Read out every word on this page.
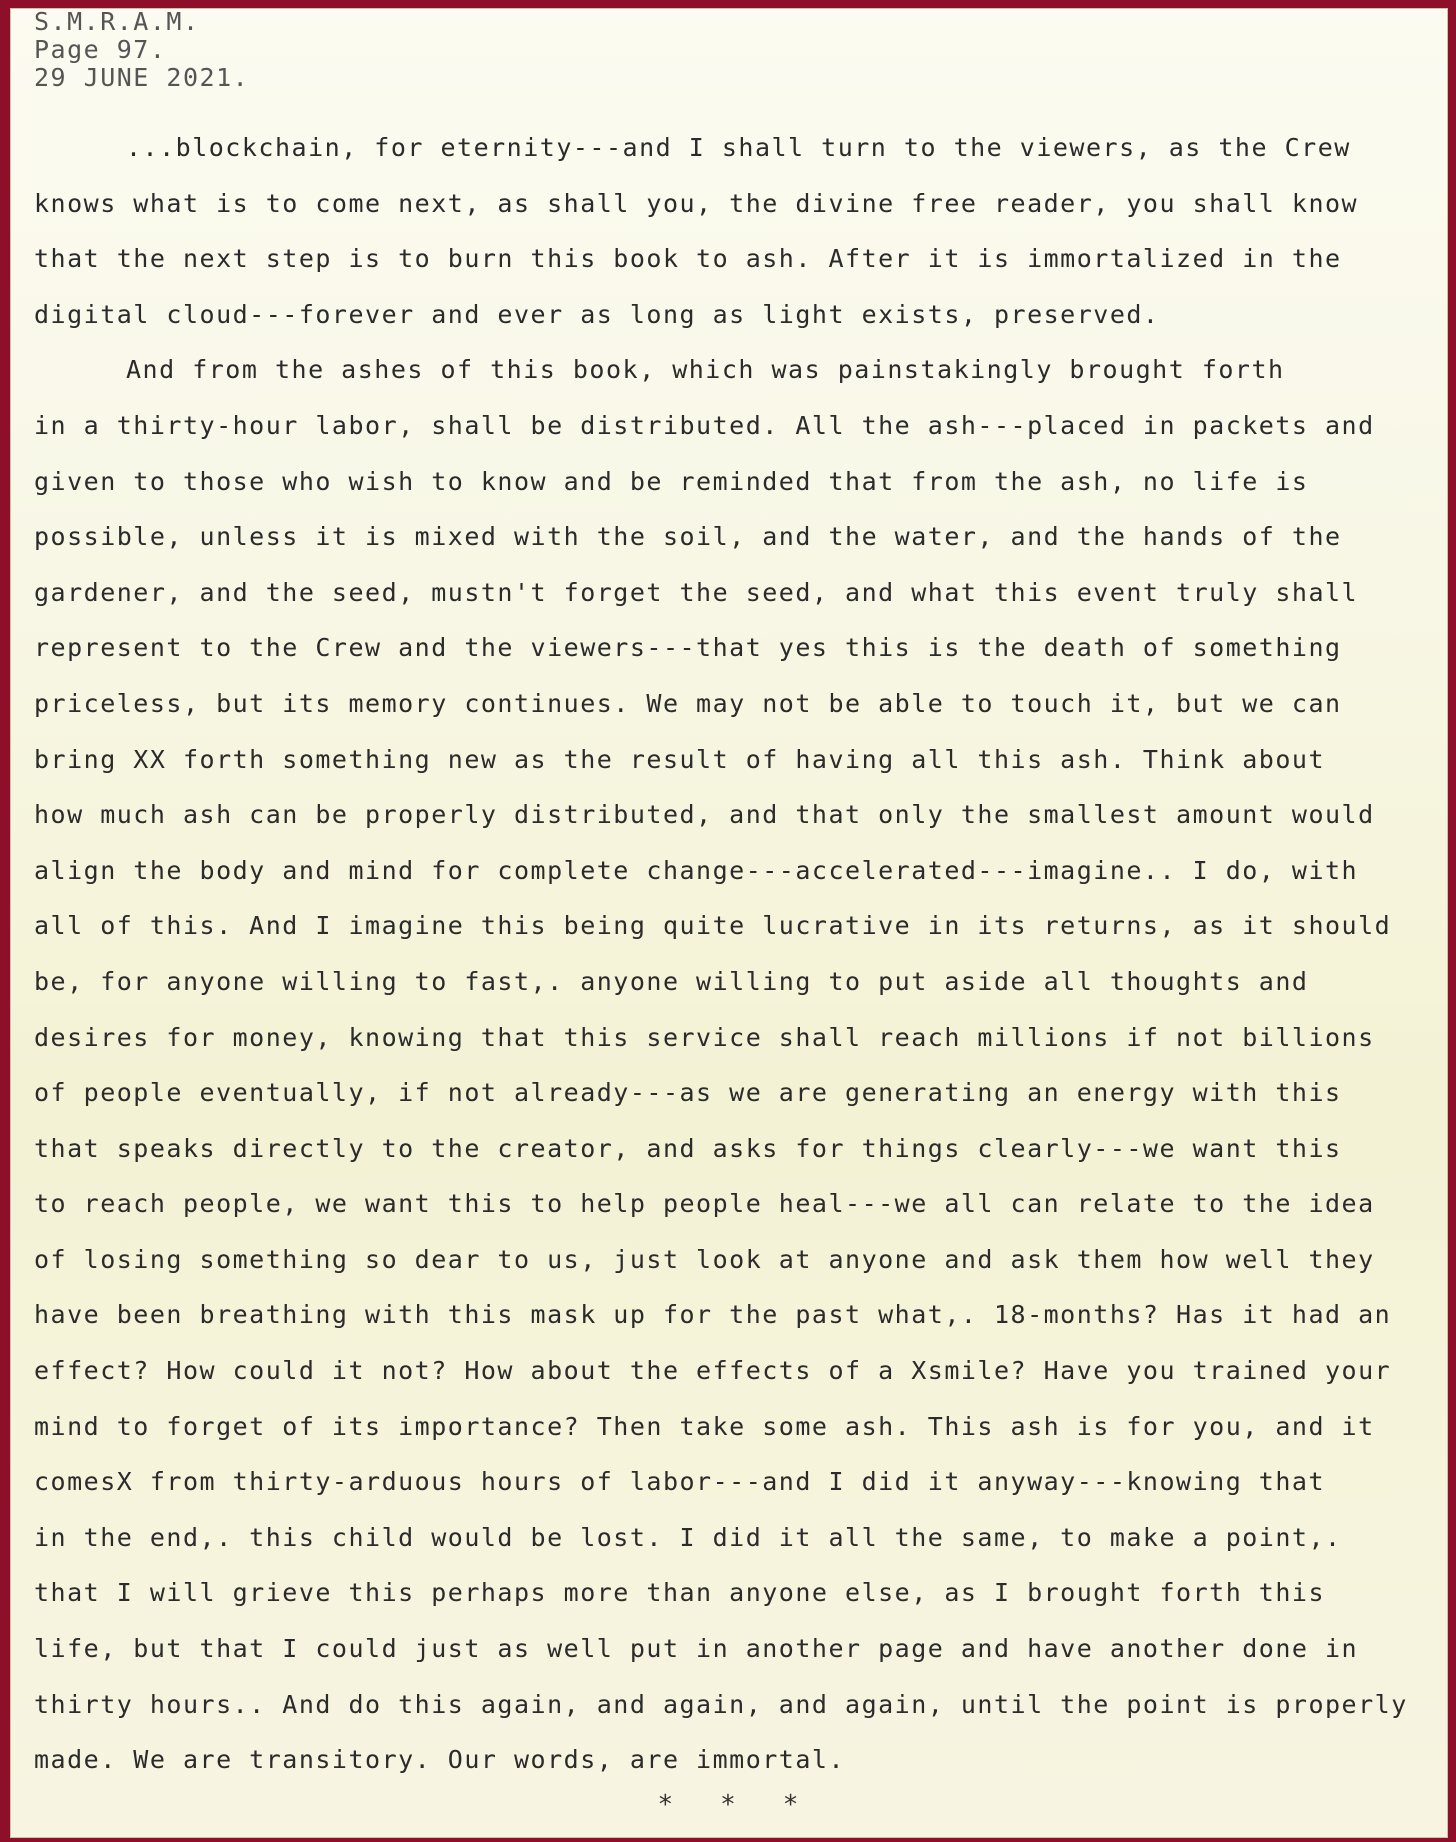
S.M.R.A.M.
Page 97.
29 JUNE 2021.
...blockchain, for eternity---and I shall turn to the viewers, as the Crew
knows what is to come next, as shall you, the divine free reader, you shall know
that the next step is to burn this book to ash. After it is immortalized in the
digital cloud---forever and ever as long as light exists, preserved.
And from the ashes of this book, which was painstakingly brought forth
in a thirty-hour labor, shall be distributed. All the ash---placed in packets and
given to those who wish to know and be reminded that from the ash, no life is
possible, unless it is mixed with the soil, and the water, and the hands of the
gardener, and the seed, mustn't forget the seed, and what this event truly shall
represent to the Crew and the viewers---that yes this is the death of something
priceless, but its memory continues. We may not be able to touch it, but we can
bring XX forth something new as the result of having all this ash. Think about
how much ash can be properly distributed, and that only the smallest amount would
align the body and mind for complete change---accelerated---imagine.. I do, with
all of this. And I imagine this being quite lucrative in its returns, as it should
be, for anyone willing to fast,. anyone willing to put aside all thoughts and
desires for money, knowing that this service shall reach millions if not billions
of people eventually, if not already---as we are generating an energy with this
that speaks directly to the creator, and asks for things clearly---we want this
to reach people, we want this to help people heal---we all can relate to the idea
of losing something so dear to us, just look at anyone and ask them how well they
have been breathing with this mask up for the past what,. 18-months? Has it had an
effect? How could it not? How about the effects of a Xsmile? Have you trained your
mind to forget of its importance? Then take some ash. This ash is for you, and it
comesX from thirty-arduous hours of labor---and I did it anyway---knowing that
in the end,. this child would be lost. I did it all the same, to make a point,.
that I will grieve this perhaps more than anyone else, as I brought forth this
life, but that I could just as well put in another page and have another done in
thirty hours.. And do this again, and again, and again, until the point is properly
made. We are transitory. Our words, are immortal.
*   *   *
